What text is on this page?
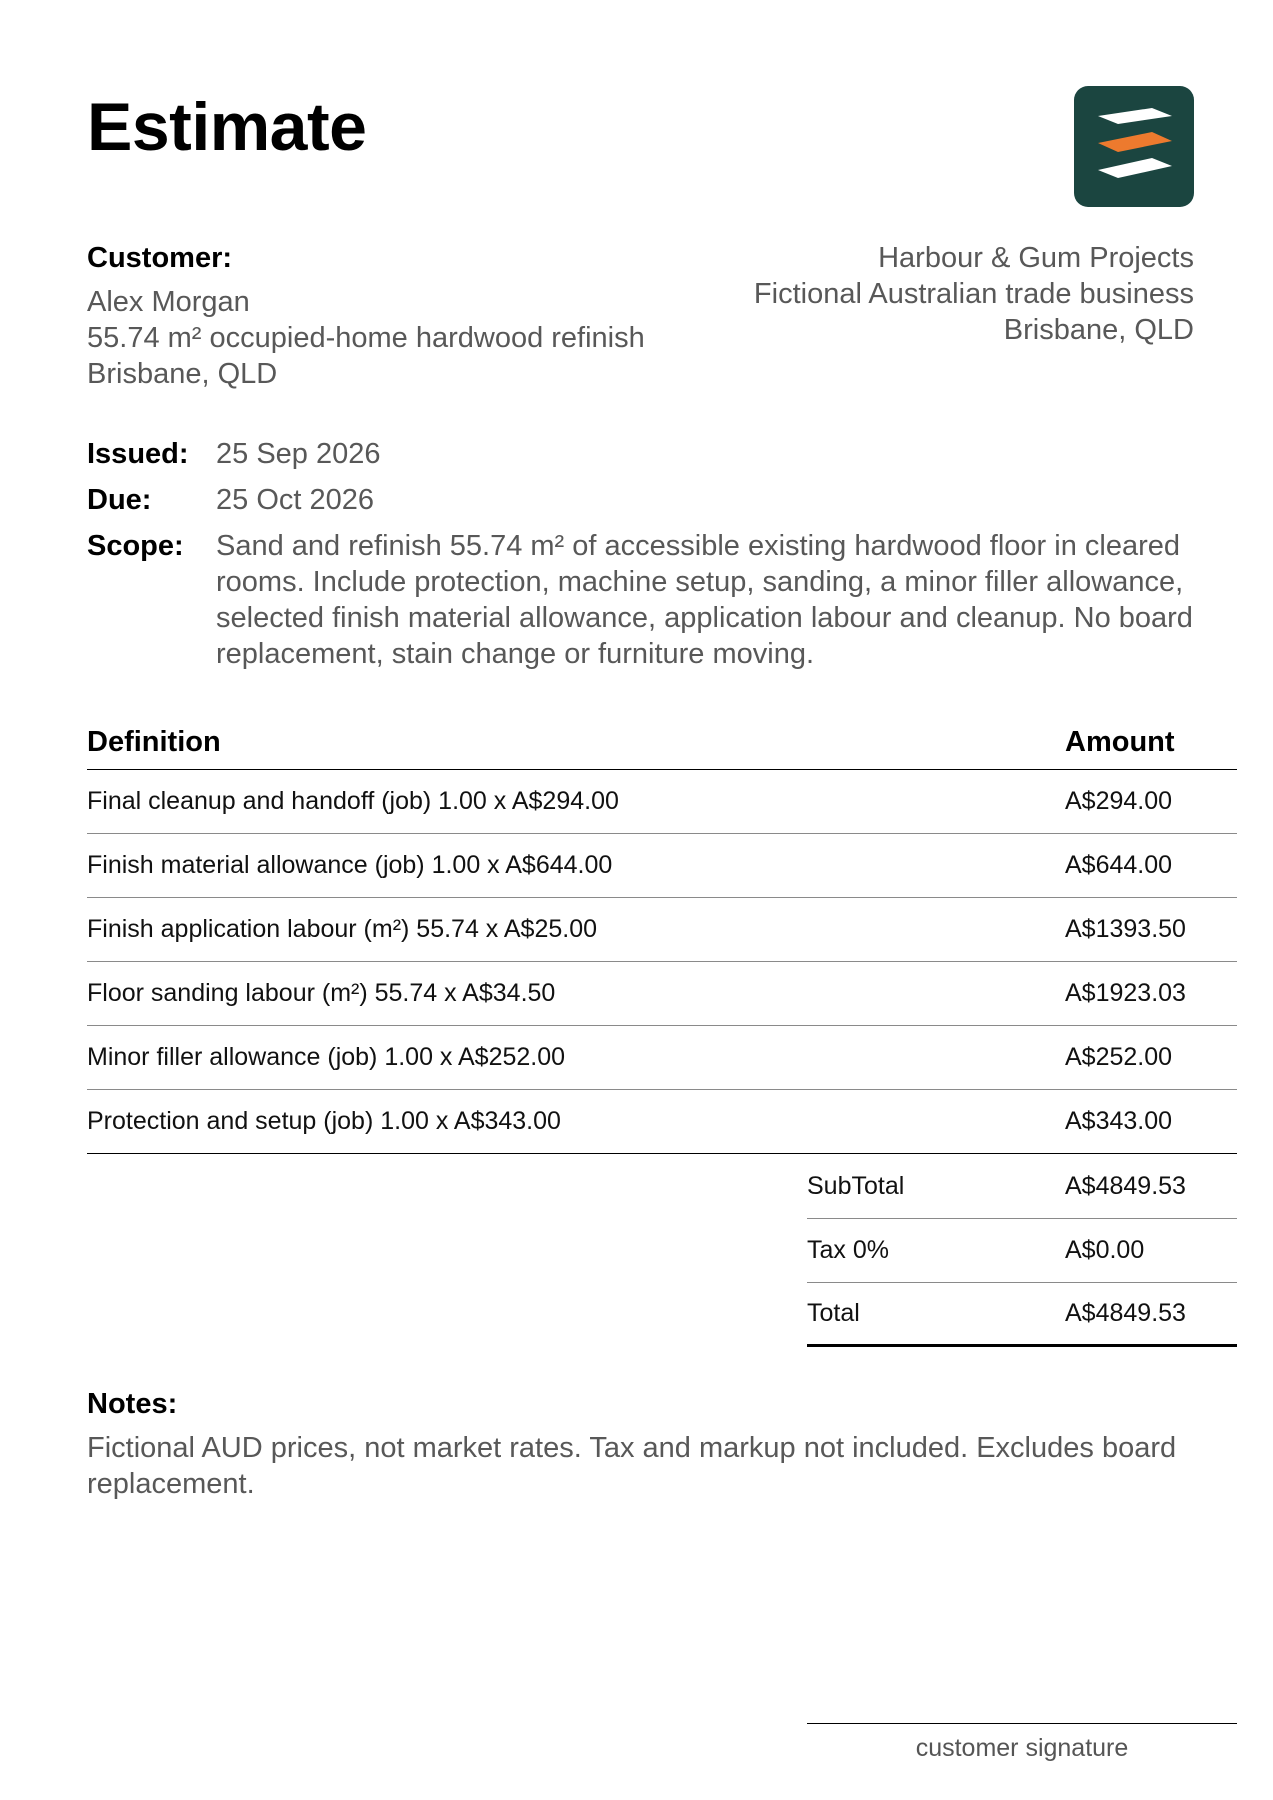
Estimate
Customer:
Alex Morgan
55.74 m² occupied-home hardwood refinish
Brisbane, QLD
Harbour & Gum Projects
Fictional Australian trade business
Brisbane, QLD
Issued: 25 Sep 2026
Due:	25 Oct 2026
Scope:	Sand and refinish 55.74 m² of accessible existing hardwood floor in cleared rooms. Include protection, machine setup, sanding, a minor filler allowance, selected finish material allowance, application labour and cleanup. No board replacement, stain change or furniture moving.
Definition	Amount
Final cleanup and handoff (job) 1.00 x A$294.00	A$294.00
Finish material allowance (job) 1.00 x A$644.00	A$644.00
Finish application labour (m²) 55.74 x A$25.00	A$1393.50
Floor sanding labour (m²) 55.74 x A$34.50	A$1923.03
Minor filler allowance (job) 1.00 x A$252.00	A$252.00
Protection and setup (job) 1.00 x A$343.00	A$343.00
SubTotal	A$4849.53
Tax 0%	A$0.00
Total	A$4849.53
Notes:
Fictional AUD prices, not market rates. Tax and markup not included. Excludes board replacement.
customer signature
